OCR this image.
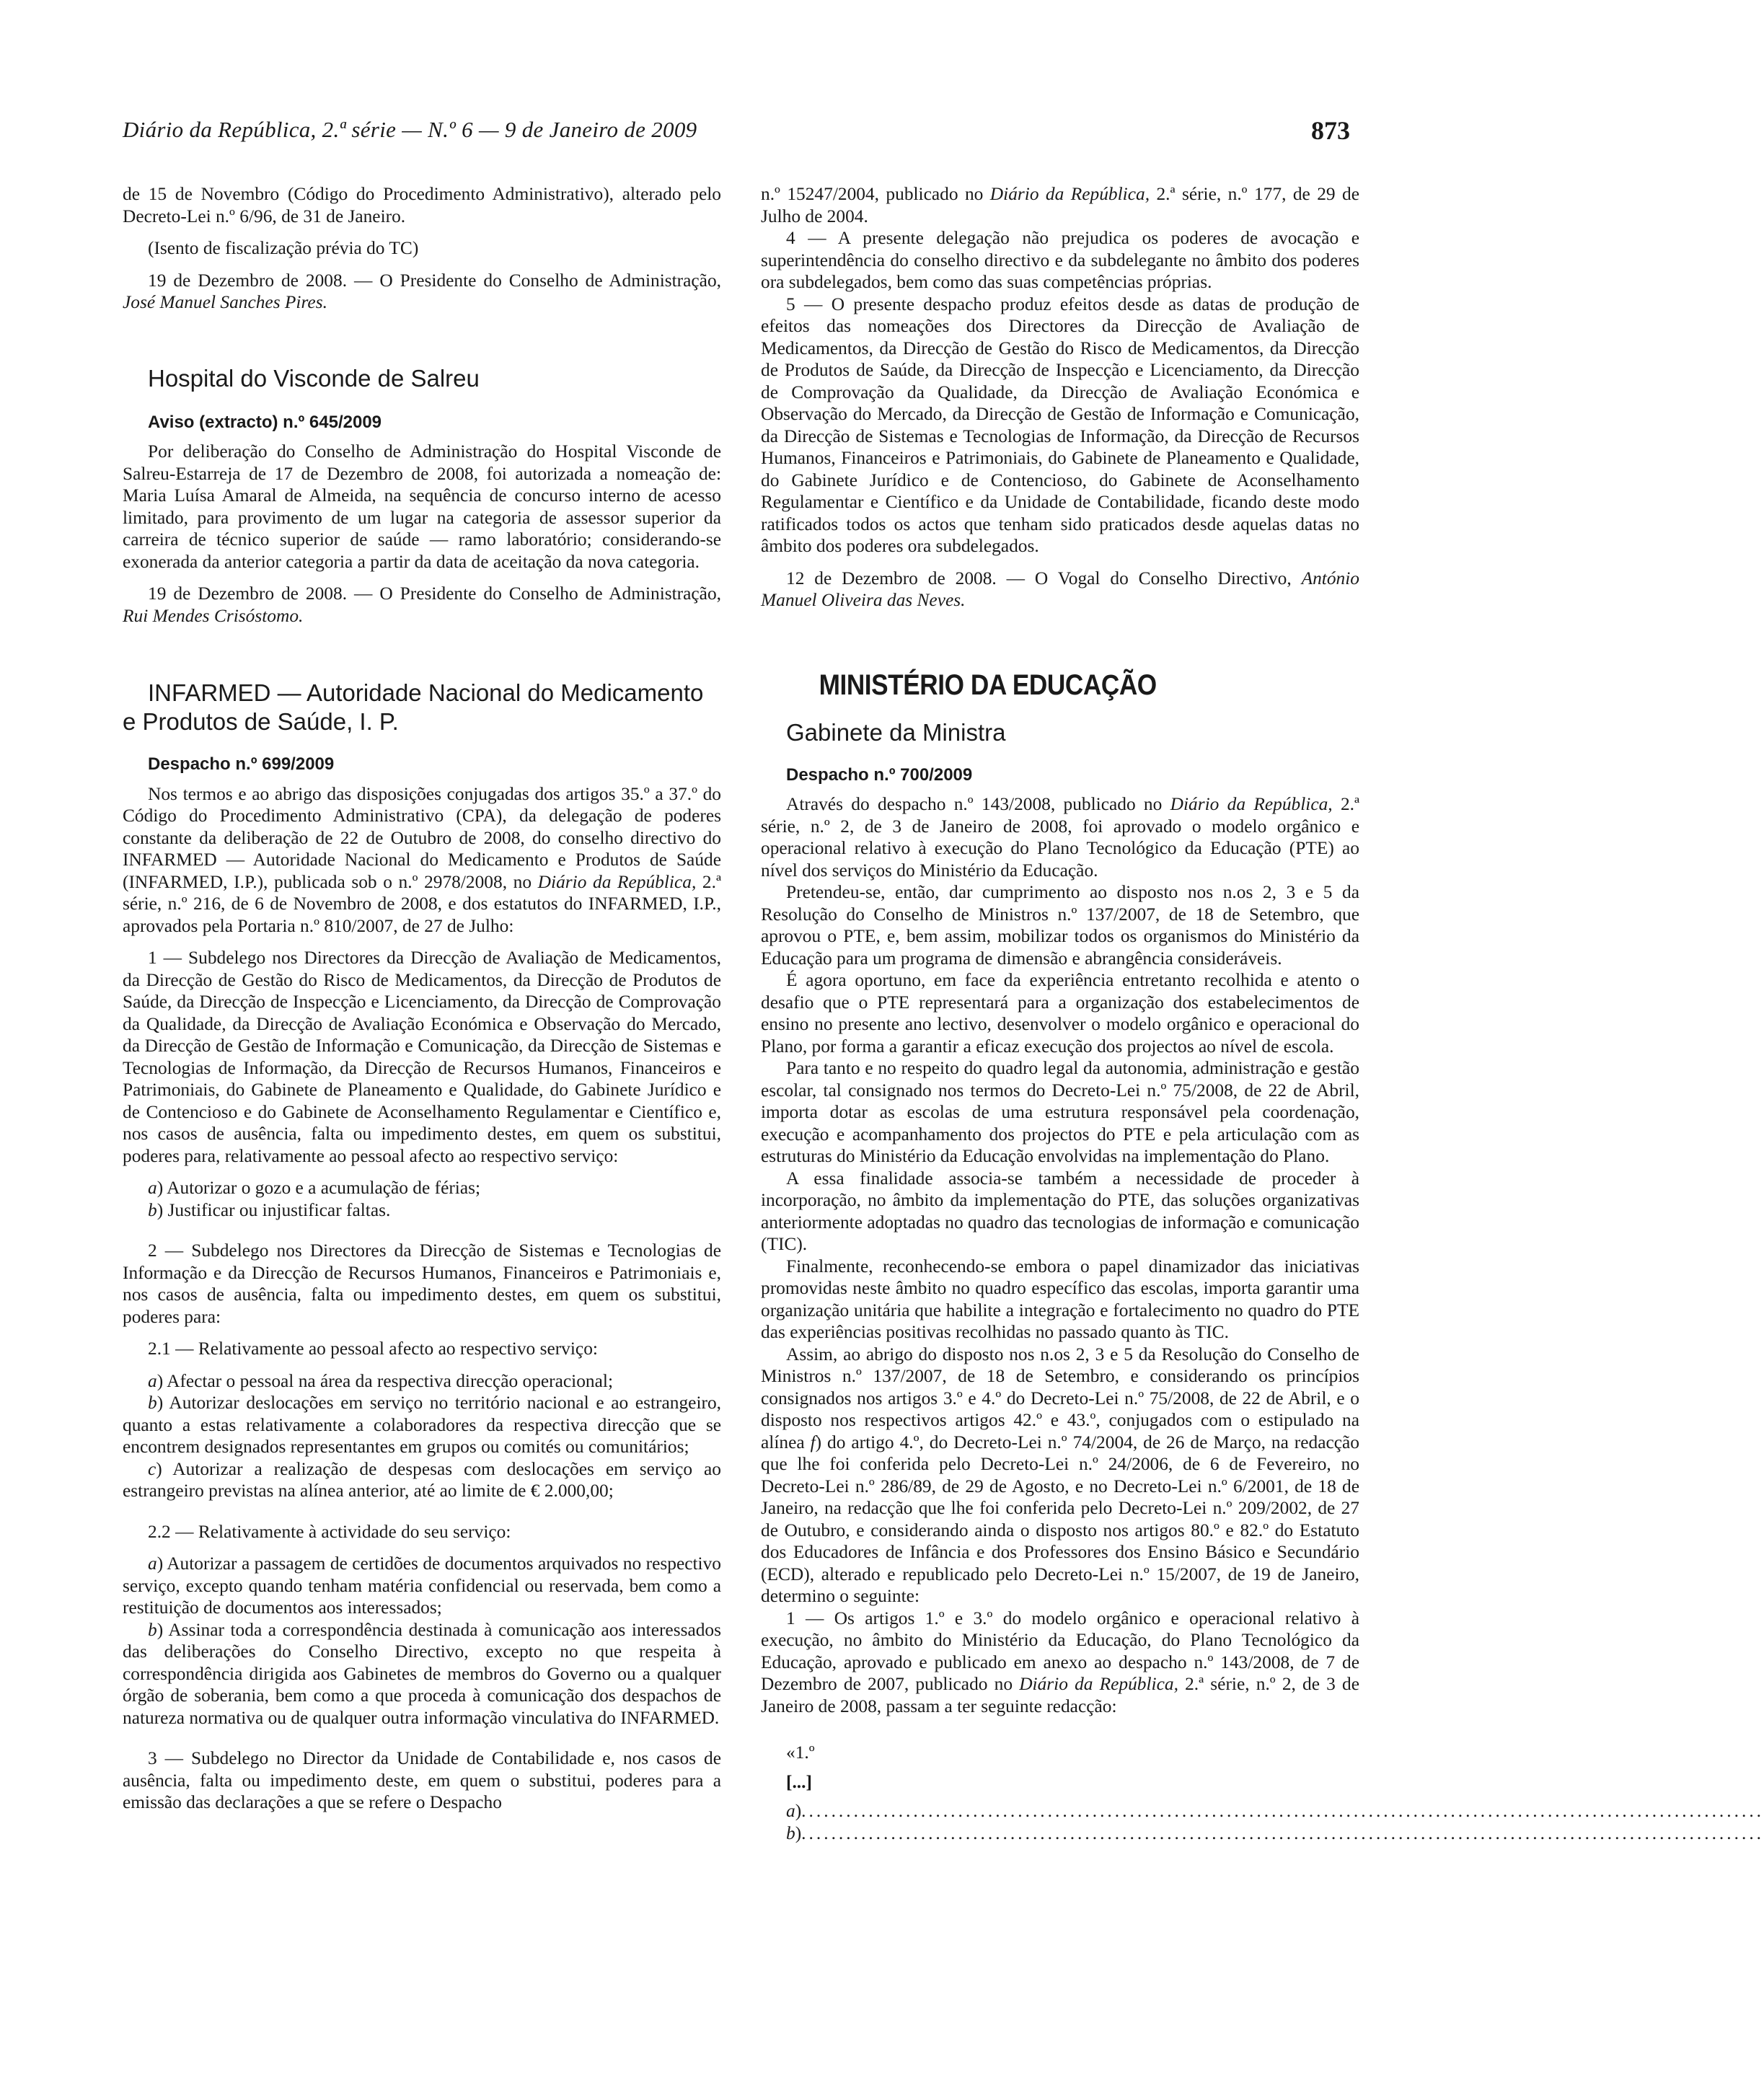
Diário da República, 2.ª série — N.º 6 — 9 de Janeiro de 2009	873

de 15 de Novembro (Código do Procedimento Administrativo), alterado pelo Decreto-Lei n.º 6/96, de 31 de Janeiro.

(Isento de fiscalização prévia do TC)

19 de Dezembro de 2008. — O Presidente do Conselho de Administração, José Manuel Sanches Pires.

Hospital do Visconde de Salreu

Aviso (extracto) n.º 645/2009

Por deliberação do Conselho de Administração do Hospital Visconde de Salreu-Estarreja de 17 de Dezembro de 2008, foi autorizada a nomeação de: Maria Luísa Amaral de Almeida, na sequência de concurso interno de acesso limitado, para provimento de um lugar na categoria de assessor superior da carreira de técnico superior de saúde — ramo laboratório; considerando-se exonerada da anterior categoria a partir da data de aceitação da nova categoria.

19 de Dezembro de 2008. — O Presidente do Conselho de Administração, Rui Mendes Crisóstomo.

INFARMED — Autoridade Nacional do Medicamento
e Produtos de Saúde, I. P.

Despacho n.º 699/2009

Nos termos e ao abrigo das disposições conjugadas dos artigos 35.º a 37.º do Código do Procedimento Administrativo (CPA), da delegação de poderes constante da deliberação de 22 de Outubro de 2008, do conselho directivo do INFARMED — Autoridade Nacional do Medicamento e Produtos de Saúde (INFARMED, I.P.), publicada sob o n.º 2978/2008, no Diário da República, 2.ª série, n.º 216, de 6 de Novembro de 2008, e dos estatutos do INFARMED, I.P., aprovados pela Portaria n.º 810/2007, de 27 de Julho:

1 — Subdelego nos Directores da Direcção de Avaliação de Medicamentos, da Direcção de Gestão do Risco de Medicamentos, da Direcção de Produtos de Saúde, da Direcção de Inspecção e Licenciamento, da Direcção de Comprovação da Qualidade, da Direcção de Avaliação Económica e Observação do Mercado, da Direcção de Gestão de Informação e Comunicação, da Direcção de Sistemas e Tecnologias de Informação, da Direcção de Recursos Humanos, Financeiros e Patrimoniais, do Gabinete de Planeamento e Qualidade, do Gabinete Jurídico e de Contencioso e do Gabinete de Aconselhamento Regulamentar e Científico e, nos casos de ausência, falta ou impedimento destes, em quem os substitui, poderes para, relativamente ao pessoal afecto ao respectivo serviço:

a) Autorizar o gozo e a acumulação de férias;

b) Justificar ou injustificar faltas.

2 — Subdelego nos Directores da Direcção de Sistemas e Tecnologias de Informação e da Direcção de Recursos Humanos, Financeiros e Patrimoniais e, nos casos de ausência, falta ou impedimento destes, em quem os substitui, poderes para:

2.1 — Relativamente ao pessoal afecto ao respectivo serviço:

a) Afectar o pessoal na área da respectiva direcção operacional;

b) Autorizar deslocações em serviço no território nacional e ao estrangeiro, quanto a estas relativamente a colaboradores da respectiva direcção que se encontrem designados representantes em grupos ou comités ou comunitários;

c) Autorizar a realização de despesas com deslocações em serviço ao estrangeiro previstas na alínea anterior, até ao limite de € 2.000,00;

2.2 — Relativamente à actividade do seu serviço:

a) Autorizar a passagem de certidões de documentos arquivados no respectivo serviço, excepto quando tenham matéria confidencial ou reservada, bem como a restituição de documentos aos interessados;

b) Assinar toda a correspondência destinada à comunicação aos interessados das deliberações do Conselho Directivo, excepto no que respeita à correspondência dirigida aos Gabinetes de membros do Governo ou a qualquer órgão de soberania, bem como a que proceda à comunicação dos despachos de natureza normativa ou de qualquer outra informação vinculativa do INFARMED.

3 — Subdelego no Director da Unidade de Contabilidade e, nos casos de ausência, falta ou impedimento deste, em quem o substitui, poderes para a emissão das declarações a que se refere o Despacho

n.º 15247/2004, publicado no Diário da República, 2.ª série, n.º 177, de 29 de Julho de 2004.

4 — A presente delegação não prejudica os poderes de avocação e superintendência do conselho directivo e da subdelegante no âmbito dos poderes ora subdelegados, bem como das suas competências próprias.

5 — O presente despacho produz efeitos desde as datas de produção de efeitos das nomeações dos Directores da Direcção de Avaliação de Medicamentos, da Direcção de Gestão do Risco de Medicamentos, da Direcção de Produtos de Saúde, da Direcção de Inspecção e Licenciamento, da Direcção de Comprovação da Qualidade, da Direcção de Avaliação Económica e Observação do Mercado, da Direcção de Gestão de Informação e Comunicação, da Direcção de Sistemas e Tecnologias de Informação, da Direcção de Recursos Humanos, Financeiros e Patrimoniais, do Gabinete de Planeamento e Qualidade, do Gabinete Jurídico e de Contencioso, do Gabinete de Aconselhamento Regulamentar e Científico e da Unidade de Contabilidade, ficando deste modo ratificados todos os actos que tenham sido praticados desde aquelas datas no âmbito dos poderes ora subdelegados.

12 de Dezembro de 2008. — O Vogal do Conselho Directivo, António Manuel Oliveira das Neves.

MINISTÉRIO DA EDUCAÇÃO

Gabinete da Ministra

Despacho n.º 700/2009

Através do despacho n.º 143/2008, publicado no Diário da República, 2.ª série, n.º 2, de 3 de Janeiro de 2008, foi aprovado o modelo orgânico e operacional relativo à execução do Plano Tecnológico da Educação (PTE) ao nível dos serviços do Ministério da Educação.

Pretendeu-se, então, dar cumprimento ao disposto nos n.os 2, 3 e 5 da Resolução do Conselho de Ministros n.º 137/2007, de 18 de Setembro, que aprovou o PTE, e, bem assim, mobilizar todos os organismos do Ministério da Educação para um programa de dimensão e abrangência consideráveis.

É agora oportuno, em face da experiência entretanto recolhida e atento o desafio que o PTE representará para a organização dos estabelecimentos de ensino no presente ano lectivo, desenvolver o modelo orgânico e operacional do Plano, por forma a garantir a eficaz execução dos projectos ao nível de escola.

Para tanto e no respeito do quadro legal da autonomia, administração e gestão escolar, tal consignado nos termos do Decreto-Lei n.º 75/2008, de 22 de Abril, importa dotar as escolas de uma estrutura responsável pela coordenação, execução e acompanhamento dos projectos do PTE e pela articulação com as estruturas do Ministério da Educação envolvidas na implementação do Plano.

A essa finalidade associa-se também a necessidade de proceder à incorporação, no âmbito da implementação do PTE, das soluções organizativas anteriormente adoptadas no quadro das tecnologias de informação e comunicação (TIC).

Finalmente, reconhecendo-se embora o papel dinamizador das iniciativas promovidas neste âmbito no quadro específico das escolas, importa garantir uma organização unitária que habilite a integração e fortalecimento no quadro do PTE das experiências positivas recolhidas no passado quanto às TIC.

Assim, ao abrigo do disposto nos n.os 2, 3 e 5 da Resolução do Conselho de Ministros n.º 137/2007, de 18 de Setembro, e considerando os princípios consignados nos artigos 3.º e 4.º do Decreto-Lei n.º 75/2008, de 22 de Abril, e o disposto nos respectivos artigos 42.º e 43.º, conjugados com o estipulado na alínea f) do artigo 4.º, do Decreto-Lei n.º 74/2004, de 26 de Março, na redacção que lhe foi conferida pelo Decreto-Lei n.º 24/2006, de 6 de Fevereiro, no Decreto-Lei n.º 286/89, de 29 de Agosto, e no Decreto-Lei n.º 6/2001, de 18 de Janeiro, na redacção que lhe foi conferida pelo Decreto-Lei n.º 209/2002, de 27 de Outubro, e considerando ainda o disposto nos artigos 80.º e 82.º do Estatuto dos Educadores de Infância e dos Professores dos Ensino Básico e Secundário (ECD), alterado e republicado pelo Decreto-Lei n.º 15/2007, de 19 de Janeiro, determino o seguinte:

1 — Os artigos 1.º e 3.º do modelo orgânico e operacional relativo à execução, no âmbito do Ministério da Educação, do Plano Tecnológico da Educação, aprovado e publicado em anexo ao despacho n.º 143/2008, de 7 de Dezembro de 2007, publicado no Diário da República, 2.ª série, n.º 2, de 3 de Janeiro de 2008, passam a ter seguinte redacção:

«1.º

[...]

a) .................................................................................................................................
b) .................................................................................................................................
